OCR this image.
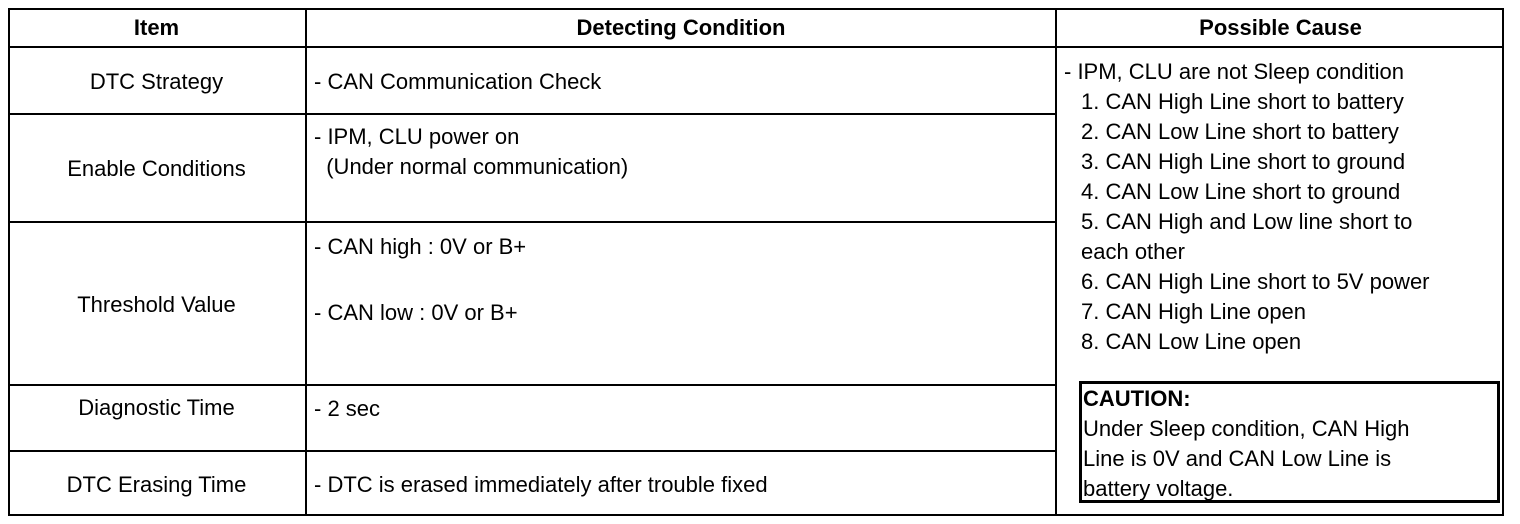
Item	Detecting Condition	Possible Cause
DTC Strategy
Enable Conditions
Threshold Value
Diagnostic Time
DTC Erasing Time
- CAN Communication Check
- IPM, CLU power on
(Under normal communication)
- CAN high : 0V or B+
- CAN low : 0V or B+
- 2 sec
- DTC is erased immediately after trouble fixed
- IPM, CLU are not Sleep condition
1. CAN High Line short to battery
2. CAN Low Line short to battery
3. CAN High Line short to ground
4. CAN Low Line short to ground
5. CAN High and Low line short to
each other
6. CAN High Line short to 5V power
7. CAN High Line open
8. CAN Low Line open
CAUTION:
Under Sleep condition, CAN High
Line is 0V and CAN Low Line is
battery voltage.
